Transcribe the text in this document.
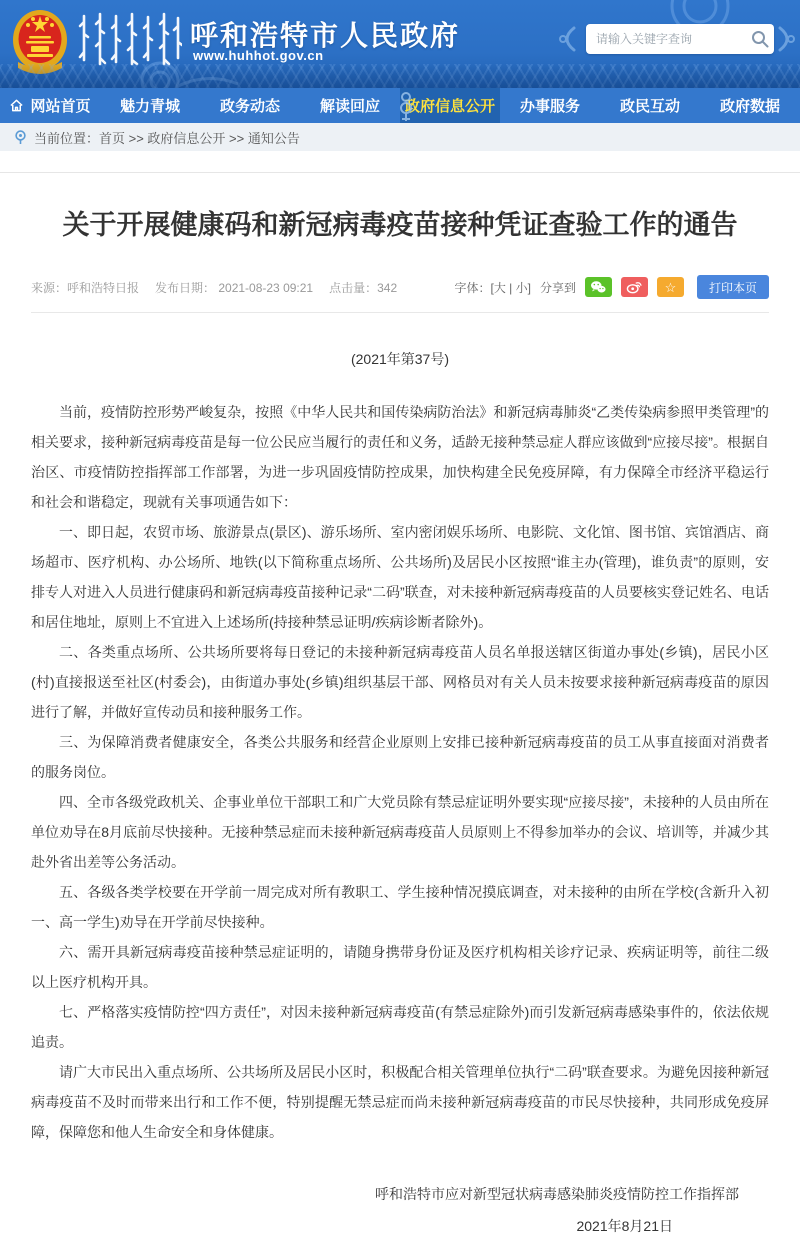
呼和浩特市人民政府
www.huhhot.gov.cn
请输入关键字查询
网站首页 魅力青城	政务动态	解读回应 政府信息公开 办事服务	政民互动	政府数据
当前位置：首页 >> 政府信息公开 >> 通知公告
关于开展健康码和新冠病毒疫苗接种凭证查验工作的通告
来源：呼和浩特日报 发布日期： 2021-08-23 09:21 点击量：342	字体：[大 | 小] 分享到	☆	打印本页
(2021年第37号)

当前，疫情防控形势严峻复杂，按照《中华人民共和国传染病防治法》和新冠病毒肺炎“乙类传染病参照甲类管理”的相关要求，接种新冠病毒疫苗是每一位公民应当履行的责任和义务，适龄无接种禁忌症人群应该做到“应接尽接”。根据自治区、市疫情防控指挥部工作部署，为进一步巩固疫情防控成果，加快构建全民免疫屏障，有力保障全市经济平稳运行和社会和谐稳定，现就有关事项通告如下：

一、即日起，农贸市场、旅游景点(景区)、游乐场所、室内密闭娱乐场所、电影院、文化馆、图书馆、宾馆酒店、商场超市、医疗机构、办公场所、地铁(以下简称重点场所、公共场所)及居民小区按照“谁主办(管理)，谁负责”的原则，安排专人对进入人员进行健康码和新冠病毒疫苗接种记录“二码”联查，对未接种新冠病毒疫苗的人员要核实登记姓名、电话和居住地址，原则上不宜进入上述场所(持接种禁忌证明/疾病诊断者除外)。

二、各类重点场所、公共场所要将每日登记的未接种新冠病毒疫苗人员名单报送辖区街道办事处(乡镇)，居民小区(村)直接报送至社区(村委会)，由街道办事处(乡镇)组织基层干部、网格员对有关人员未按要求接种新冠病毒疫苗的原因进行了解，并做好宣传动员和接种服务工作。

三、为保障消费者健康安全，各类公共服务和经营企业原则上安排已接种新冠病毒疫苗的员工从事直接面对消费者的服务岗位。

四、全市各级党政机关、企事业单位干部职工和广大党员除有禁忌症证明外要实现“应接尽接”，未接种的人员由所在单位劝导在8月底前尽快接种。无接种禁忌症而未接种新冠病毒疫苗人员原则上不得参加举办的会议、培训等，并减少其赴外省出差等公务活动。

五、各级各类学校要在开学前一周完成对所有教职工、学生接种情况摸底调查，对未接种的由所在学校(含新升入初一、高一学生)劝导在开学前尽快接种。

六、需开具新冠病毒疫苗接种禁忌症证明的，请随身携带身份证及医疗机构相关诊疗记录、疾病证明等，前往二级以上医疗机构开具。

七、严格落实疫情防控“四方责任”，对因未接种新冠病毒疫苗(有禁忌症除外)而引发新冠病毒感染事件的，依法依规追责。

请广大市民出入重点场所、公共场所及居民小区时，积极配合相关管理单位执行“二码”联查要求。为避免因接种新冠病毒疫苗不及时而带来出行和工作不便，特别提醒无禁忌症而尚未接种新冠病毒疫苗的市民尽快接种，共同形成免疫屏障，保障您和他人生命安全和身体健康。

呼和浩特市应对新型冠状病毒感染肺炎疫情防控工作指挥部
2021年8月21日
